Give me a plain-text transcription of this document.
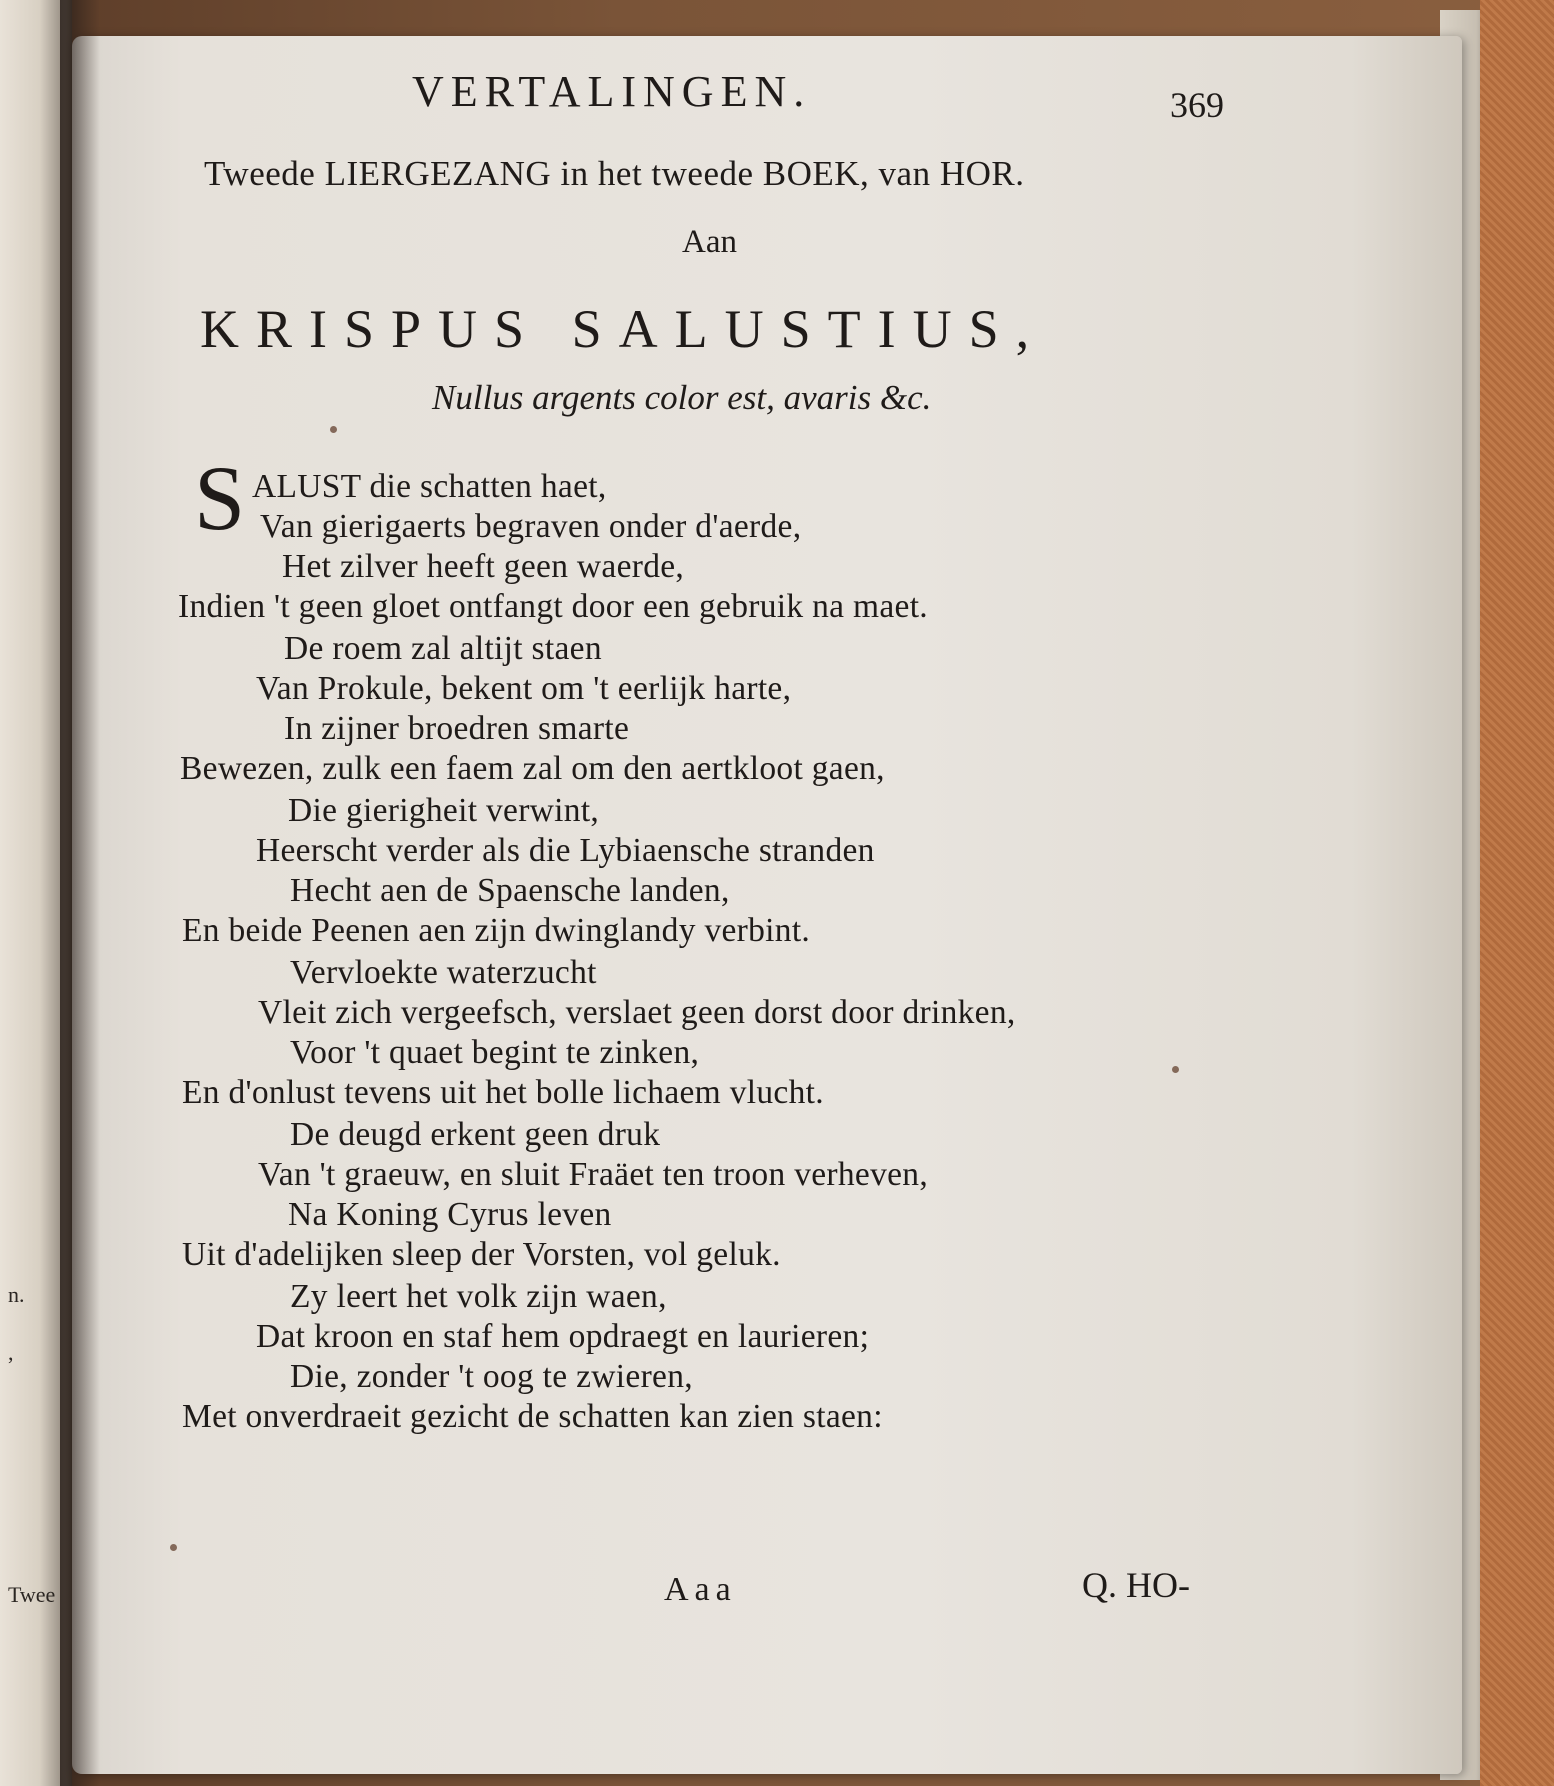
n.
,
Twee
VERTALINGEN.	369
Tweede LIERGEZANG in het tweede BOEK, van HOR.
Aan
KRISPUS SALUSTIUS,
Nullus argents color est, avaris &c.
S ALUST die schatten haet,
Van gierigaerts begraven onder d'aerde,
Het zilver heeft geen waerde,
Indien 't geen gloet ontfangt door een gebruik na maet.
De roem zal altijt staen
Van Prokule, bekent om 't eerlijk harte,
In zijner broedren smarte
Bewezen, zulk een faem zal om den aertkloot gaen,
Die gierigheit verwint,
Heerscht verder als die Lybiaensche stranden
Hecht aen de Spaensche landen,
En beide Peenen aen zijn dwinglandy verbint.
Vervloekte waterzucht
Vleit zich vergeefsch, verslaet geen dorst door drinken,
Voor 't quaet begint te zinken,
En d'onlust tevens uit het bolle lichaem vlucht.
De deugd erkent geen druk
Van 't graeuw, en sluit Fraäet ten troon verheven,
Na Koning Cyrus leven
Uit d'adelijken sleep der Vorsten, vol geluk.
Zy leert het volk zijn waen,
Dat kroon en staf hem opdraegt en laurieren;
Die, zonder 't oog te zwieren,
Met onverdraeit gezicht de schatten kan zien staen:
Aaa	Q. HO-
